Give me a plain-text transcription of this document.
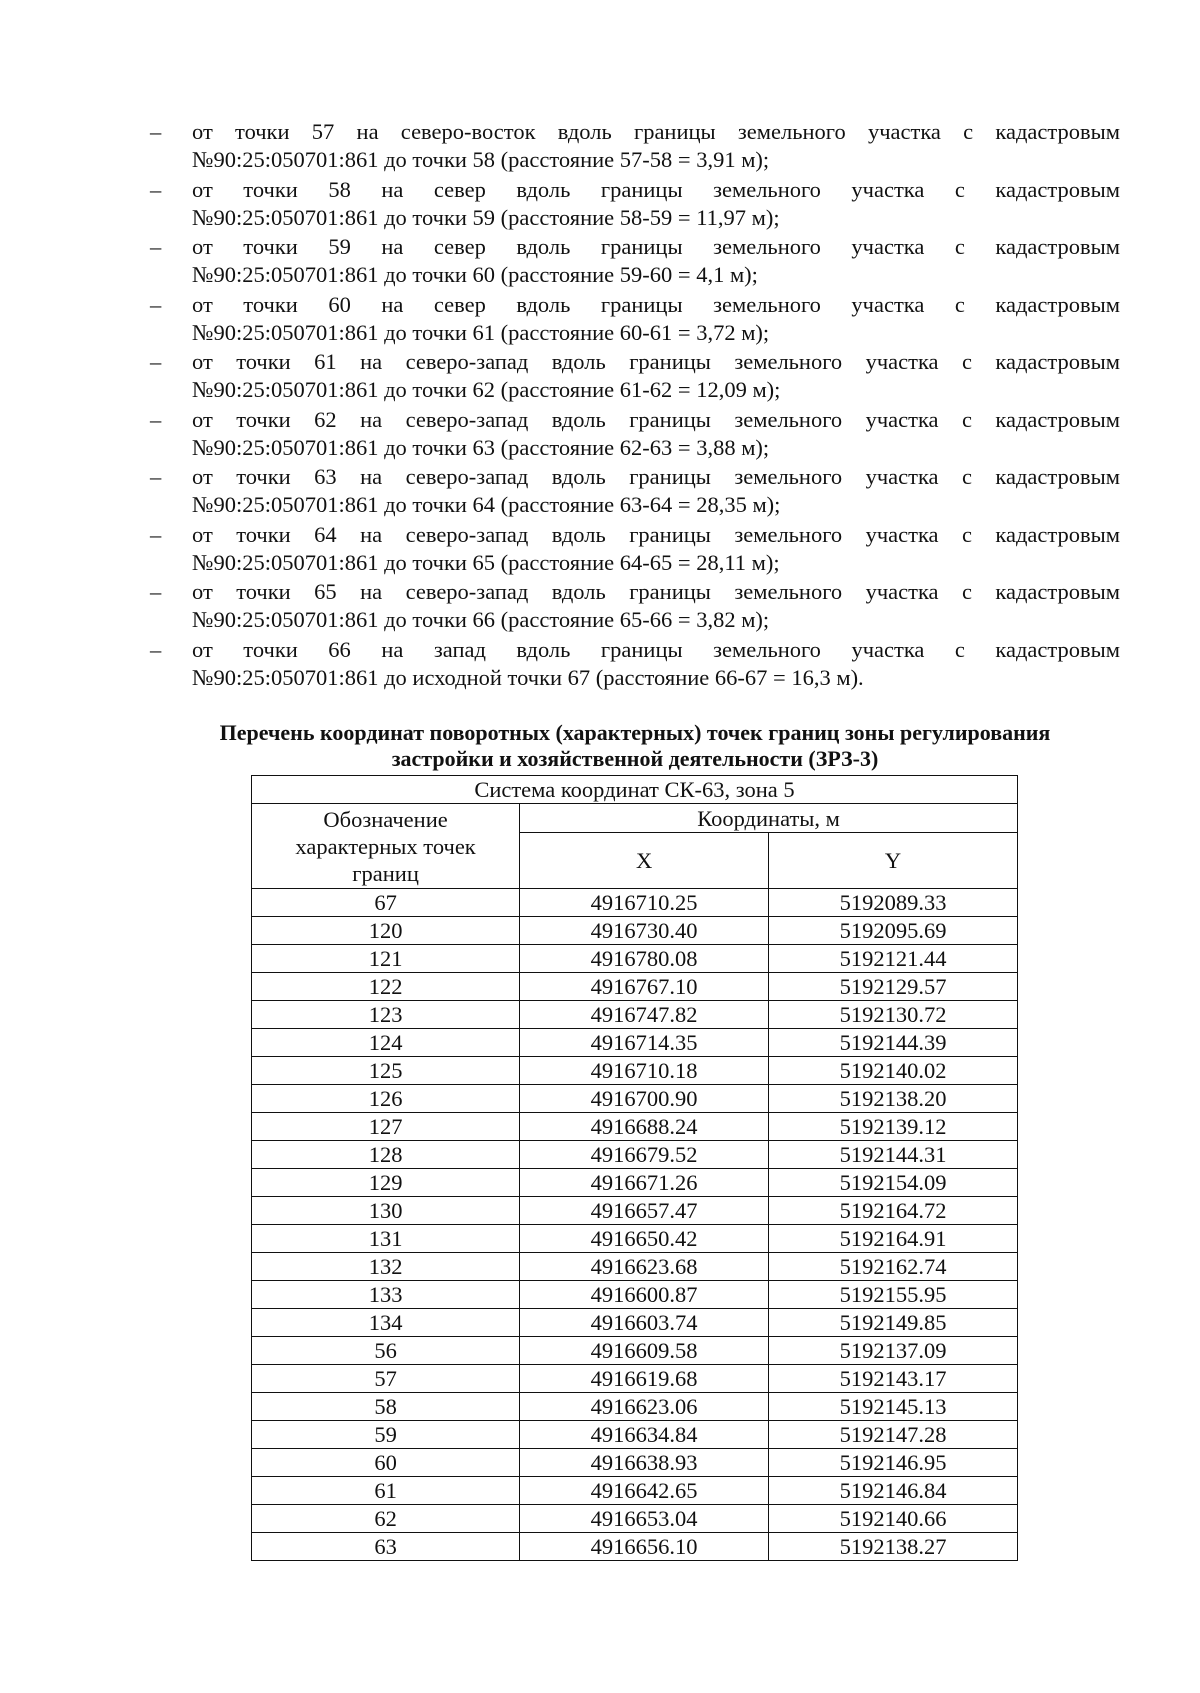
–	от точки 57 на северо-восток вдоль границы земельного участка с кадастровым
№90:25:050701:861 до точки 58 (расстояние 57-58 = 3,91 м);
–	от точки 58 на север вдоль границы земельного участка с кадастровым
№90:25:050701:861 до точки 59 (расстояние 58-59 = 11,97 м);
–	от точки 59 на север вдоль границы земельного участка с кадастровым
№90:25:050701:861 до точки 60 (расстояние 59-60 = 4,1 м);
–	от точки 60 на север вдоль границы земельного участка с кадастровым
№90:25:050701:861 до точки 61 (расстояние 60-61 = 3,72 м);
–	от точки 61 на северо-запад вдоль границы земельного участка с кадастровым
№90:25:050701:861 до точки 62 (расстояние 61-62 = 12,09 м);
–	от точки 62 на северо-запад вдоль границы земельного участка с кадастровым
№90:25:050701:861 до точки 63 (расстояние 62-63 = 3,88 м);
–	от точки 63 на северо-запад вдоль границы земельного участка с кадастровым
№90:25:050701:861 до точки 64 (расстояние 63-64 = 28,35 м);
–	от точки 64 на северо-запад вдоль границы земельного участка с кадастровым
№90:25:050701:861 до точки 65 (расстояние 64-65 = 28,11 м);
–	от точки 65 на северо-запад вдоль границы земельного участка с кадастровым
№90:25:050701:861 до точки 66 (расстояние 65-66 = 3,82 м);
–	от точки 66 на запад вдоль границы земельного участка с кадастровым
№90:25:050701:861 до исходной точки 67 (расстояние 66-67 = 16,3 м).
Перечень координат поворотных (характерных) точек границ зоны регулирования
застройки и хозяйственной деятельности (ЗРЗ-3)
Система координат СК-63, зона 5		

Обозначение
характерных точек
границ	Координаты, м	
	X	Y
67	4916710.25	5192089.33
120	4916730.40	5192095.69
121	4916780.08	5192121.44
122	4916767.10	5192129.57
123	4916747.82	5192130.72
124	4916714.35	5192144.39
125	4916710.18	5192140.02
126	4916700.90	5192138.20
127	4916688.24	5192139.12
128	4916679.52	5192144.31
129	4916671.26	5192154.09
130	4916657.47	5192164.72
131	4916650.42	5192164.91
132	4916623.68	5192162.74
133	4916600.87	5192155.95
134	4916603.74	5192149.85
56	4916609.58	5192137.09
57	4916619.68	5192143.17
58	4916623.06	5192145.13
59	4916634.84	5192147.28
60	4916638.93	5192146.95
61	4916642.65	5192146.84
62	4916653.04	5192140.66
63	4916656.10	5192138.27
